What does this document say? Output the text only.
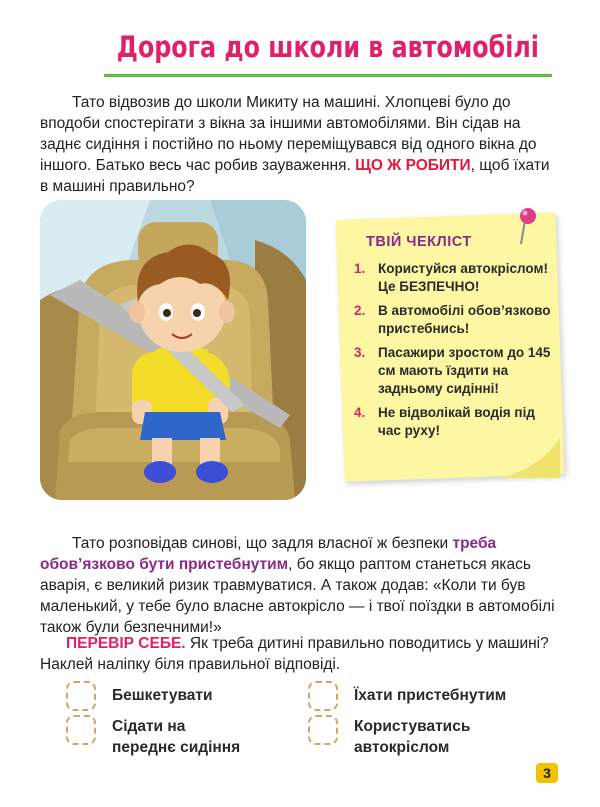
Дорога до школи в автомобілі
Тато відвозив до школи Микиту на машині. Хлопцеві було до вподоби спостерігати з вікна за іншими автомобілями. Він сідав на заднє сидіння і постійно по ньому переміщувався від одного вікна до іншого. Батько весь час робив зауваження. ЩО Ж РОБИТИ, щоб їхати в машині правильно?
ТВІЙ ЧЕКЛІСТ
1. Користуйся автокріслом! Це БЕЗПЕЧНО!
2. В автомобілі обов’язково пристебнись!
3. Пасажири зростом до 145 см мають їздити на задньому сидінні!
4. Не відволікай водія під час руху!
Тато розповідав синові, що задля власної ж безпеки треба обов’язково бути пристебнутим, бо якщо раптом станеться якась аварія, є великий ризик травмуватися. А також додав: «Коли ти був маленький, у тебе було власне автокрісло — і твої поїздки в автомобілі також були безпечними!»
ПЕРЕВІР СЕБЕ. Як треба дитині правильно поводитись у машині? Наклей наліпку біля правильної відповіді.
Бешкетувати
Сідати на переднє сидіння
Їхати пристебнутим
Користуватись автокріслом
3
